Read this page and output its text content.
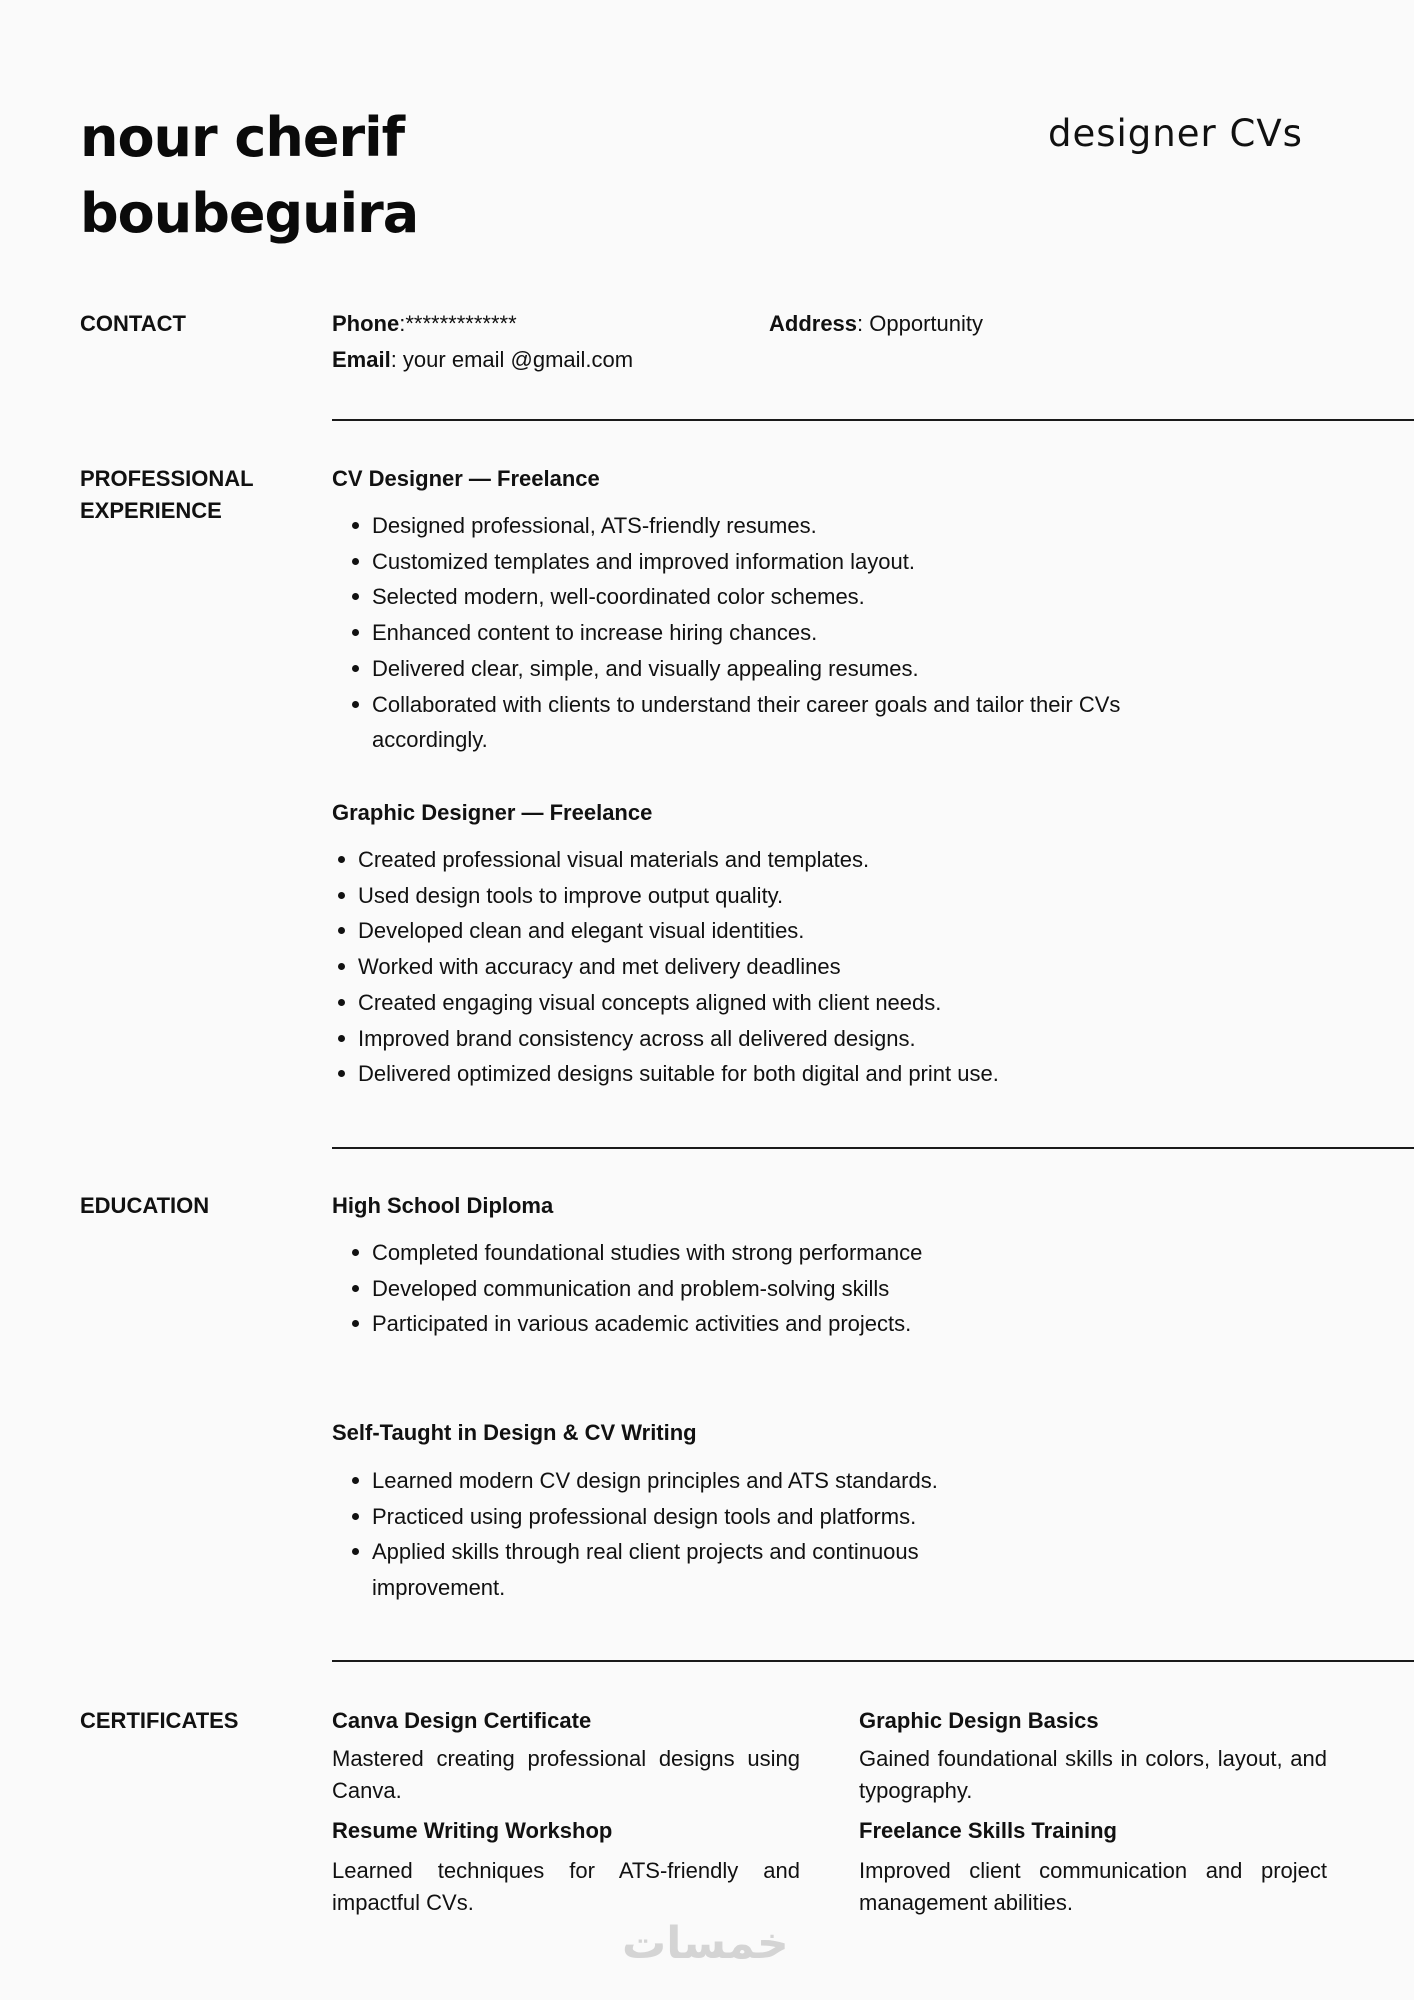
nour cherif
boubeguira
designer CVs
CONTACT	Phone:*************
Email: your email @gmail.com
Address: Opportunity
PROFESSIONAL
EXPERIENCE
CV Designer — Freelance
Designed professional, ATS-friendly resumes.
Customized templates and improved information layout.
Selected modern, well-coordinated color schemes.
Enhanced content to increase hiring chances.
Delivered clear, simple, and visually appealing resumes.
Collaborated with clients to understand their career goals and tailor their CVs
accordingly.
Graphic Designer — Freelance
Created professional visual materials and templates.
Used design tools to improve output quality.
Developed clean and elegant visual identities.
Worked with accuracy and met delivery deadlines
Created engaging visual concepts aligned with client needs.
Improved brand consistency across all delivered designs.
Delivered optimized designs suitable for both digital and print use.
EDUCATION	High School Diploma
Completed foundational studies with strong performance
Developed communication and problem-solving skills
Participated in various academic activities and projects.
Self-Taught in Design & CV Writing
Learned modern CV design principles and ATS standards.
Practiced using professional design tools and platforms.
Applied skills through real client projects and continuous
improvement.
CERTIFICATES	Canva Design Certificate
Mastered creating professional designs using Canva.
Graphic Design Basics
Gained foundational skills in colors, layout, and typography.
Resume Writing Workshop
Learned techniques for ATS-friendly and impactful CVs.
Freelance Skills Training
Improved client communication and project management abilities.
خمسات
